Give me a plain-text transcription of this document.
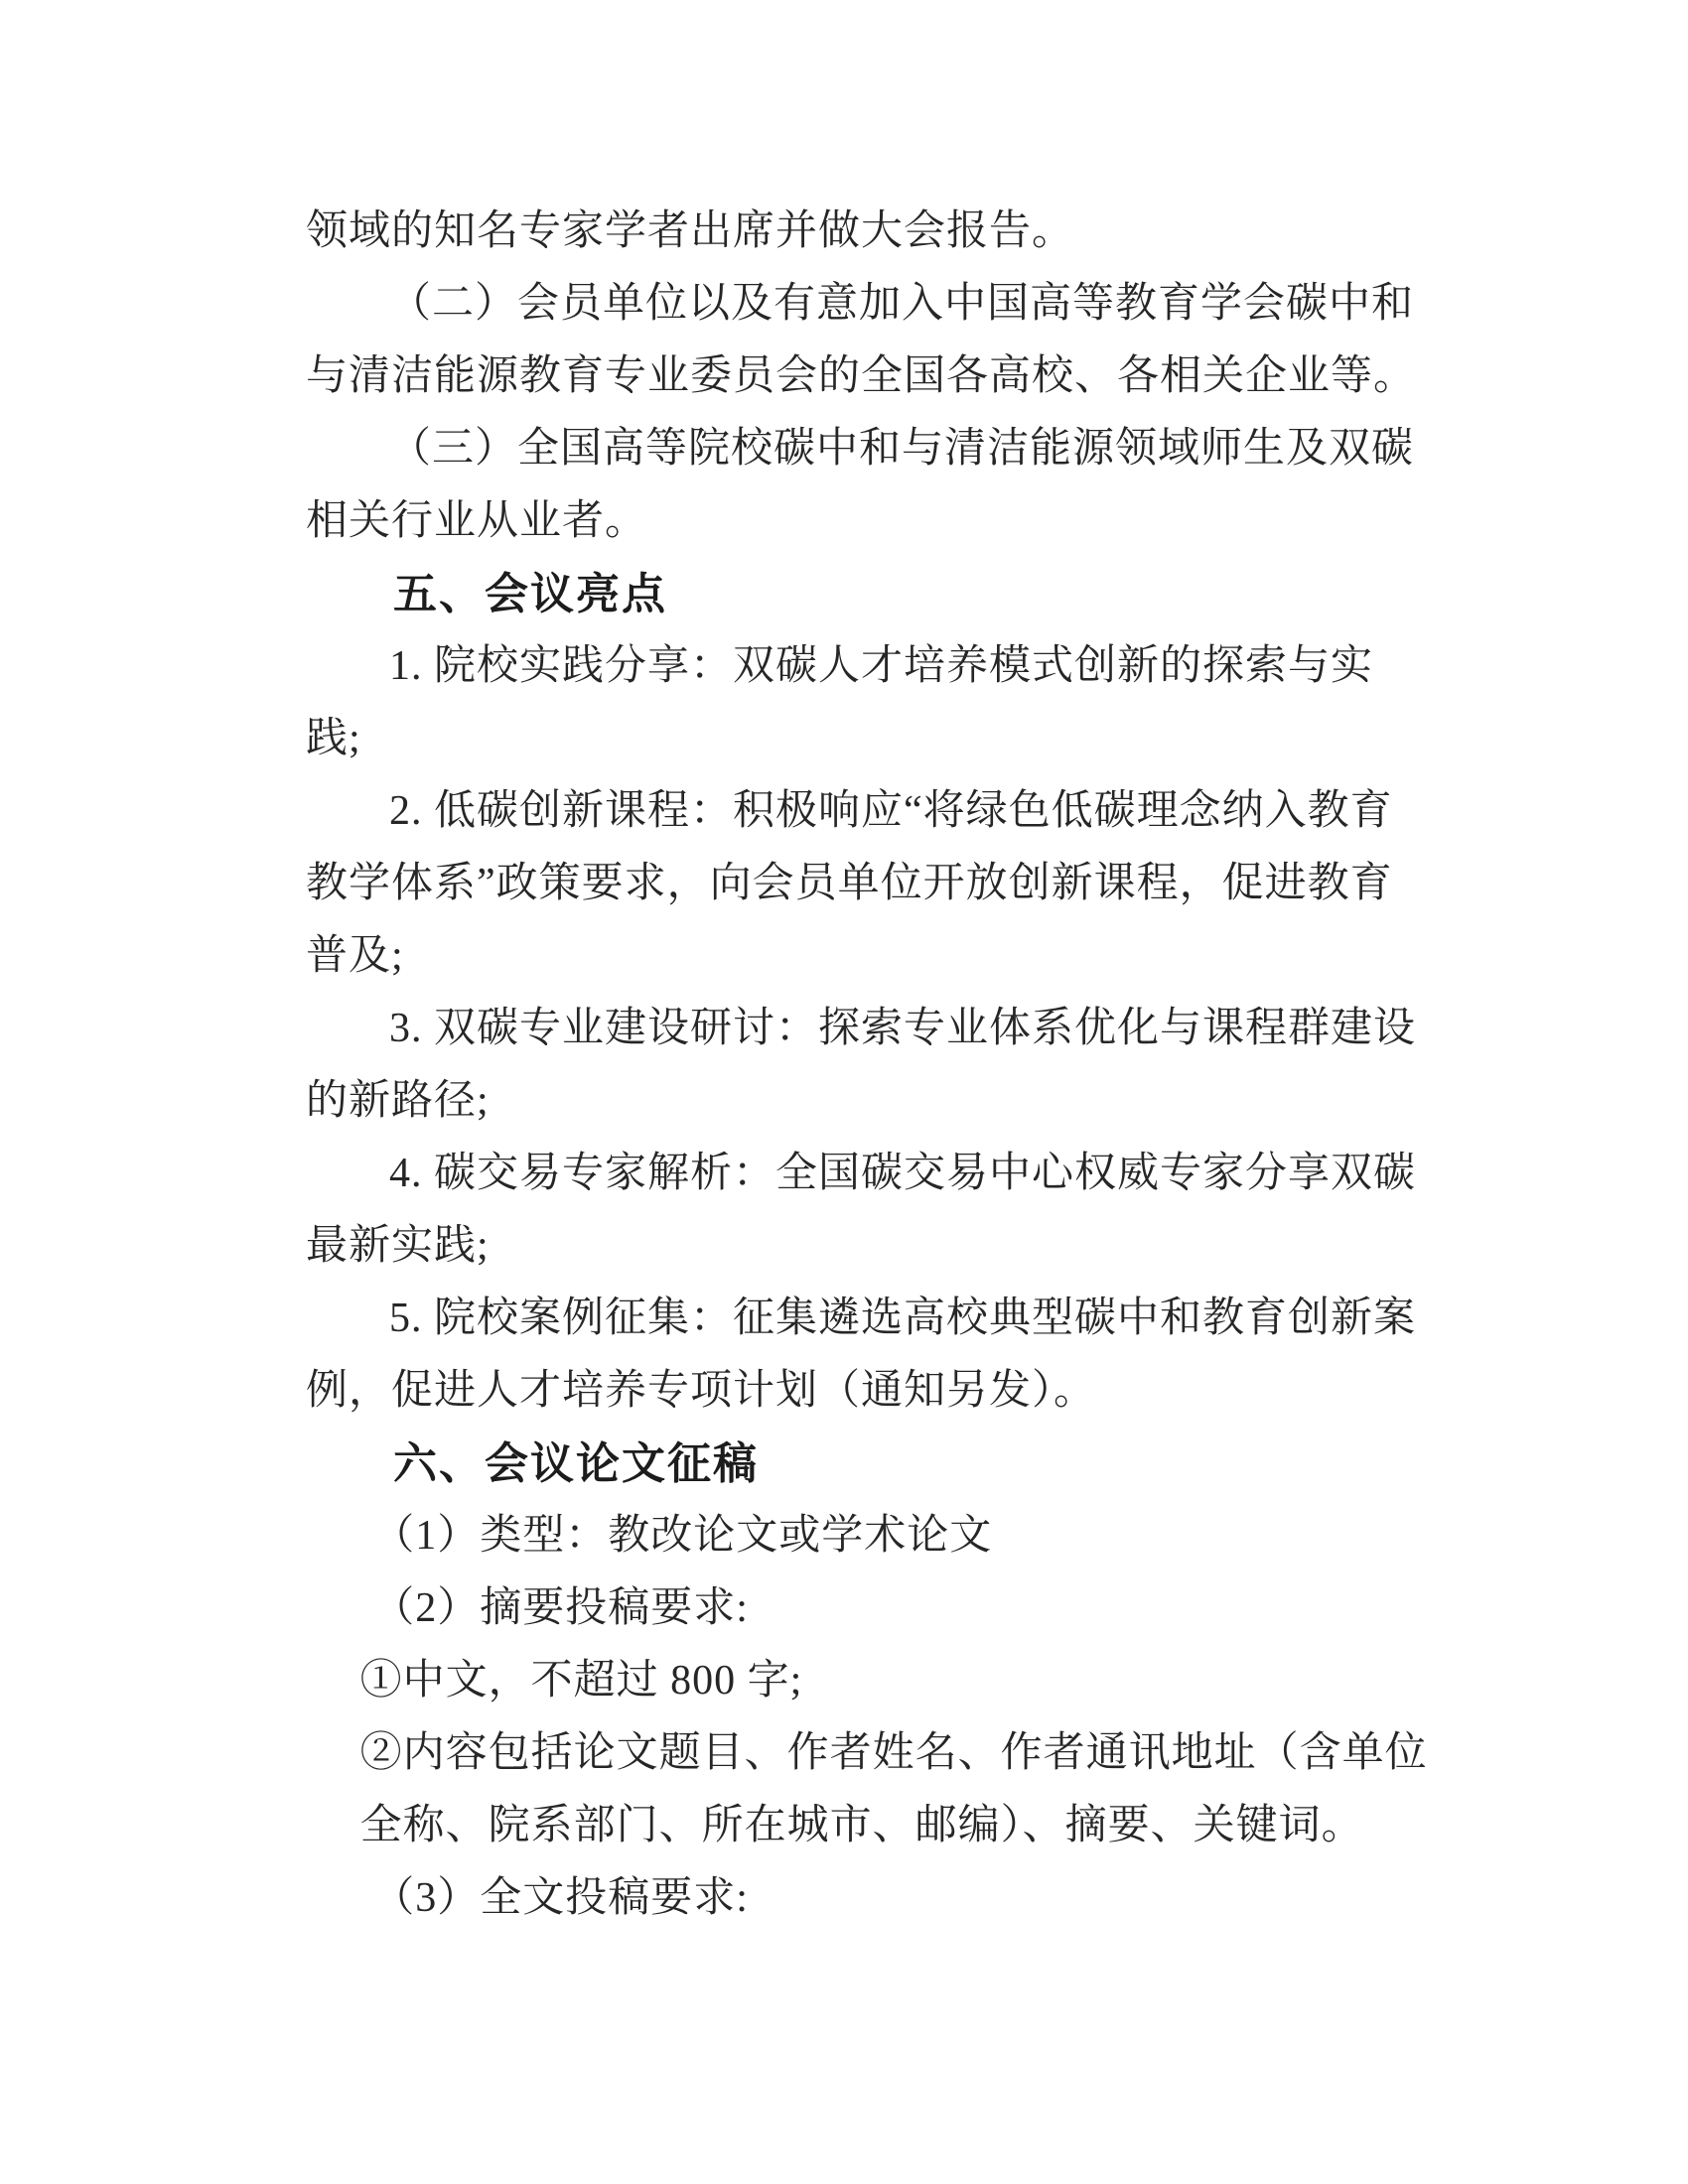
领域的知名专家学者出席并做大会报告。
（二）会员单位以及有意加入中国高等教育学会碳中和
与清洁能源教育专业委员会的全国各高校、各相关企业等。
（三）全国高等院校碳中和与清洁能源领域师生及双碳
相关行业从业者。
五、会议亮点
1. 院校实践分享：双碳人才培养模式创新的探索与实
践;
2. 低碳创新课程：积极响应“将绿色低碳理念纳入教育
教学体系”政策要求，向会员单位开放创新课程，促进教育
普及;
3. 双碳专业建设研讨：探索专业体系优化与课程群建设
的新路径;
4. 碳交易专家解析：全国碳交易中心权威专家分享双碳
最新实践;
5. 院校案例征集：征集遴选高校典型碳中和教育创新案
例，促进人才培养专项计划（通知另发）。
六、会议论文征稿
（1）类型：教改论文或学术论文
（2）摘要投稿要求:
①中文，不超过 800 字;
②内容包括论文题目、作者姓名、作者通讯地址（含单位
全称、院系部门、所在城市、邮编）、摘要、关键词。
（3）全文投稿要求:
